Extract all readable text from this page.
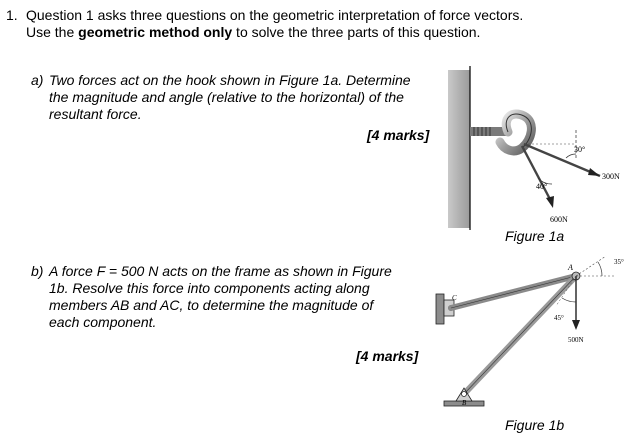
1. Question 1 asks three questions on the geometric interpretation of force vectors.
Use the geometric method only to solve the three parts of this question.
a) Two forces act on the hook shown in Figure 1a. Determine
the magnitude and angle (relative to the horizontal) of the
resultant force.
[4 marks]
b) A force F = 500 N acts on the frame as shown in Figure
1b. Resolve this force into components acting along
members AB and AC, to determine the magnitude of
each component.
[4 marks]
30°
40°
300N
600N
Figure 1a
A
B
C
35°
45°
500N
Figure 1b
